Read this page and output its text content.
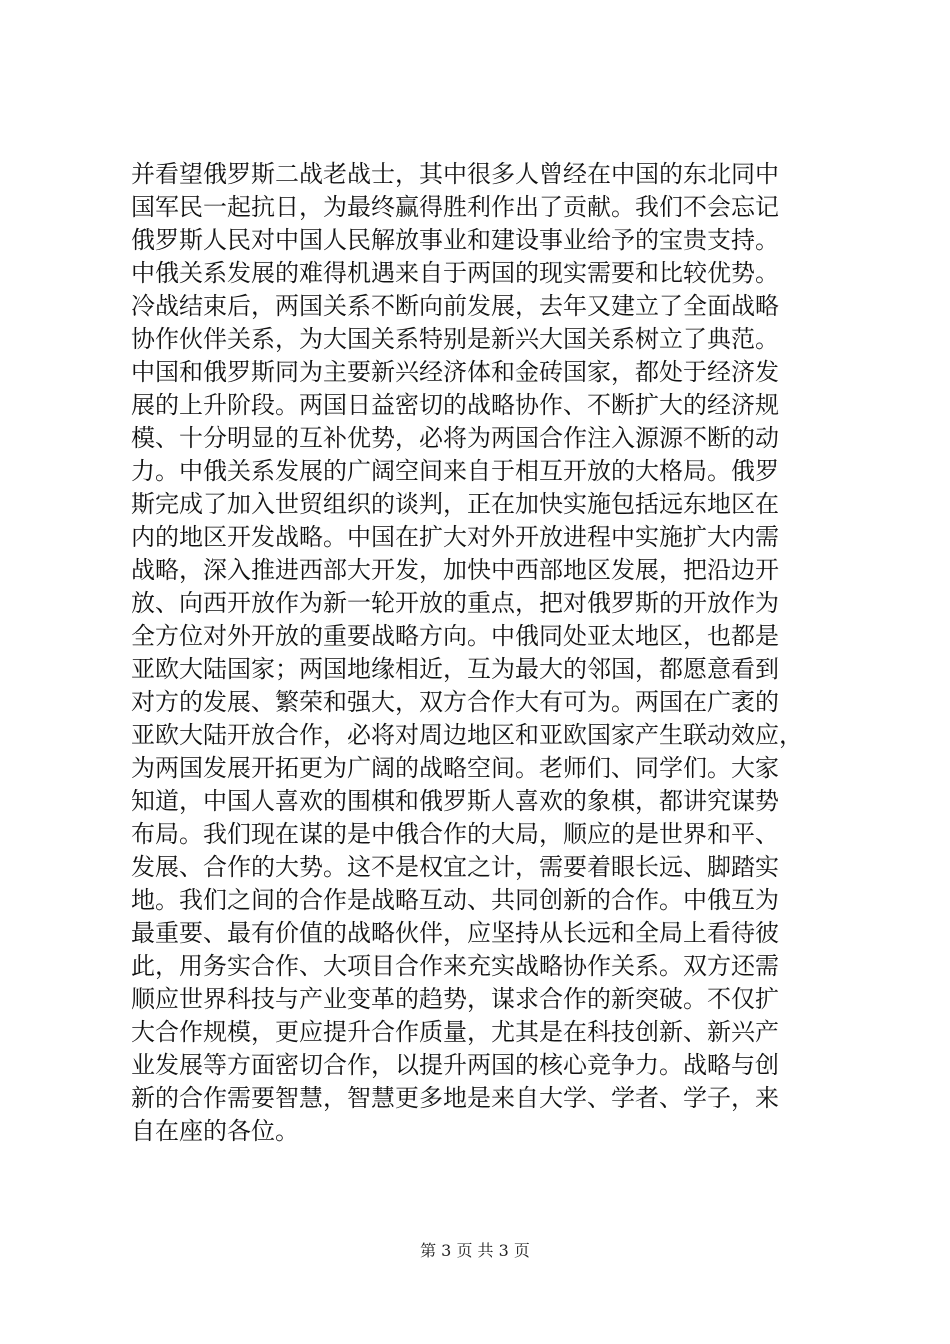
并看望俄罗斯二战老战士，其中很多人曾经在中国的东北同中
国军民一起抗日，为最终赢得胜利作出了贡献。我们不会忘记
俄罗斯人民对中国人民解放事业和建设事业给予的宝贵支持。
中俄关系发展的难得机遇来自于两国的现实需要和比较优势。
冷战结束后，两国关系不断向前发展，去年又建立了全面战略
协作伙伴关系，为大国关系特别是新兴大国关系树立了典范。
中国和俄罗斯同为主要新兴经济体和金砖国家，都处于经济发
展的上升阶段。两国日益密切的战略协作、不断扩大的经济规
模、十分明显的互补优势，必将为两国合作注入源源不断的动
力。中俄关系发展的广阔空间来自于相互开放的大格局。俄罗
斯完成了加入世贸组织的谈判，正在加快实施包括远东地区在
内的地区开发战略。中国在扩大对外开放进程中实施扩大内需
战略，深入推进西部大开发，加快中西部地区发展，把沿边开
放、向西开放作为新一轮开放的重点，把对俄罗斯的开放作为
全方位对外开放的重要战略方向。中俄同处亚太地区，也都是
亚欧大陆国家；两国地缘相近，互为最大的邻国，都愿意看到
对方的发展、繁荣和强大，双方合作大有可为。两国在广袤的
亚欧大陆开放合作，必将对周边地区和亚欧国家产生联动效应，
为两国发展开拓更为广阔的战略空间。老师们、同学们。大家
知道，中国人喜欢的围棋和俄罗斯人喜欢的象棋，都讲究谋势
布局。我们现在谋的是中俄合作的大局，顺应的是世界和平、
发展、合作的大势。这不是权宜之计，需要着眼长远、脚踏实
地。我们之间的合作是战略互动、共同创新的合作。中俄互为
最重要、最有价值的战略伙伴，应坚持从长远和全局上看待彼
此，用务实合作、大项目合作来充实战略协作关系。双方还需
顺应世界科技与产业变革的趋势，谋求合作的新突破。不仅扩
大合作规模，更应提升合作质量，尤其是在科技创新、新兴产
业发展等方面密切合作，以提升两国的核心竞争力。战略与创
新的合作需要智慧，智慧更多地是来自大学、学者、学子，来
自在座的各位。
第 3 页 共 3 页
